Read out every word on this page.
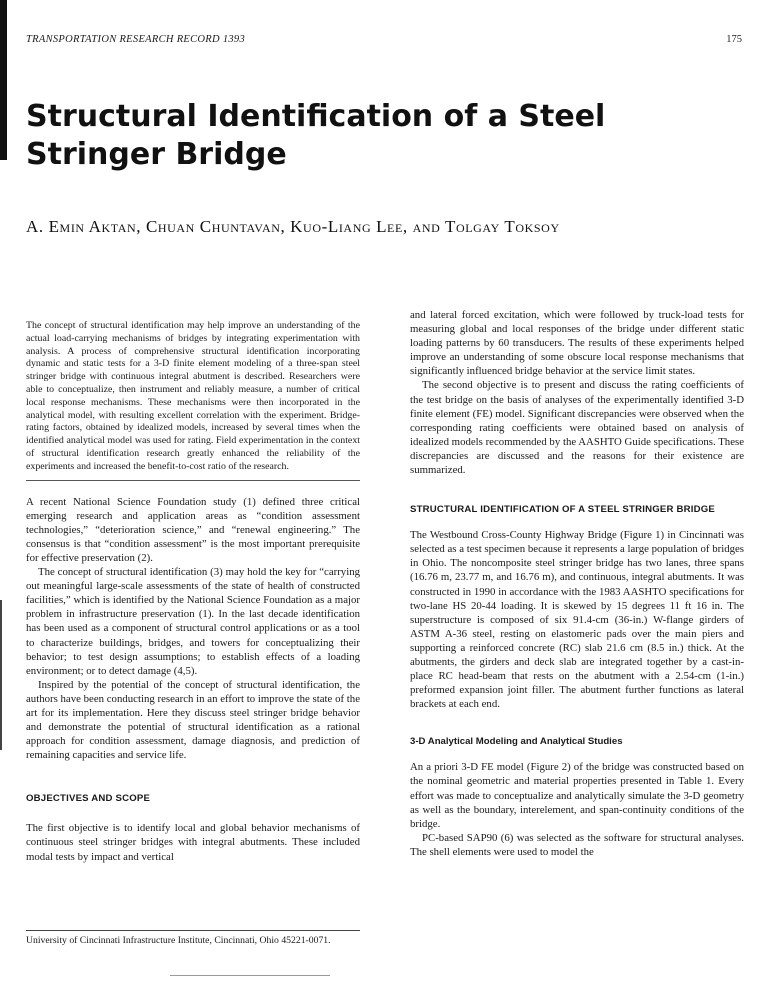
TRANSPORTATION RESEARCH RECORD 1393	175
Structural Identification of a Steel Stringer Bridge
A. Emin Aktan, Chuan Chuntavan, Kuo-Liang Lee, and Tolgay Toksoy
The concept of structural identification may help improve an understanding of the actual load-carrying mechanisms of bridges by integrating experimentation with analysis. A process of comprehensive structural identification incorporating dynamic and static tests for a 3-D finite element modeling of a three-span steel stringer bridge with continuous integral abutment is described. Researchers were able to conceptualize, then instrument and reliably measure, a number of critical local response mechanisms. These mechanisms were then incorporated in the analytical model, with resulting excellent correlation with the experiment. Bridge-rating factors, obtained by idealized models, increased by several times when the identified analytical model was used for rating. Field experimentation in the context of structural identification research greatly enhanced the reliability of the experiments and increased the benefit-to-cost ratio of the research.

A recent National Science Foundation study (1) defined three critical emerging research and application areas as “condition assessment technologies,” “deterioration science,” and “renewal engineering.” The consensus is that “condition assessment” is the most important prerequisite for effective preservation (2).

The concept of structural identification (3) may hold the key for “carrying out meaningful large-scale assessments of the state of health of constructed facilities,” which is identified by the National Science Foundation as a major problem in infrastructure preservation (1). In the last decade identification has been used as a component of structural control applications or as a tool to characterize buildings, bridges, and towers for conceptualizing their behavior; to test design assumptions; to establish effects of a loading environment; or to detect damage (4,5).

Inspired by the potential of the concept of structural identification, the authors have been conducting research in an effort to improve the state of the art for its implementation. Here they discuss steel stringer bridge behavior and demonstrate the potential of structural identification as a rational approach for condition assessment, damage diagnosis, and prediction of remaining capacities and service life.

OBJECTIVES AND SCOPE

The first objective is to identify local and global behavior mechanisms of continuous steel stringer bridges with integral abutments. These included modal tests by impact and vertical

and lateral forced excitation, which were followed by truck-load tests for measuring global and local responses of the bridge under different static loading patterns by 60 transducers. The results of these experiments helped improve an understanding of some obscure local response mechanisms that significantly influenced bridge behavior at the service limit states.

The second objective is to present and discuss the rating coefficients of the test bridge on the basis of analyses of the experimentally identified 3-D finite element (FE) model. Significant discrepancies were observed when the corresponding rating coefficients were obtained based on analysis of idealized models recommended by the AASHTO Guide specifications. These discrepancies are discussed and the reasons for their existence are summarized.

STRUCTURAL IDENTIFICATION OF A STEEL STRINGER BRIDGE

The Westbound Cross-County Highway Bridge (Figure 1) in Cincinnati was selected as a test specimen because it represents a large population of bridges in Ohio. The noncomposite steel stringer bridge has two lanes, three spans (16.76 m, 23.77 m, and 16.76 m), and continuous, integral abutments. It was constructed in 1990 in accordance with the 1983 AASHTO specifications for two-lane HS 20-44 loading. It is skewed by 15 degrees 11 ft 16 in. The superstructure is composed of six 91.4-cm (36-in.) W-flange girders of ASTM A-36 steel, resting on elastomeric pads over the main piers and supporting a reinforced concrete (RC) slab 21.6 cm (8.5 in.) thick. At the abutments, the girders and deck slab are integrated together by a cast-in-place RC head-beam that rests on the abutment with a 2.54-cm (1-in.) preformed expansion joint filler. The abutment further functions as lateral brackets at each end.

3-D Analytical Modeling and Analytical Studies

An a priori 3-D FE model (Figure 2) of the bridge was constructed based on the nominal geometric and material properties presented in Table 1. Every effort was made to conceptualize and analytically simulate the 3-D geometry as well as the boundary, interelement, and span-continuity conditions of the bridge.

PC-based SAP90 (6) was selected as the software for structural analyses. The shell elements were used to model the

University of Cincinnati Infrastructure Institute, Cincinnati, Ohio 45221-0071.
